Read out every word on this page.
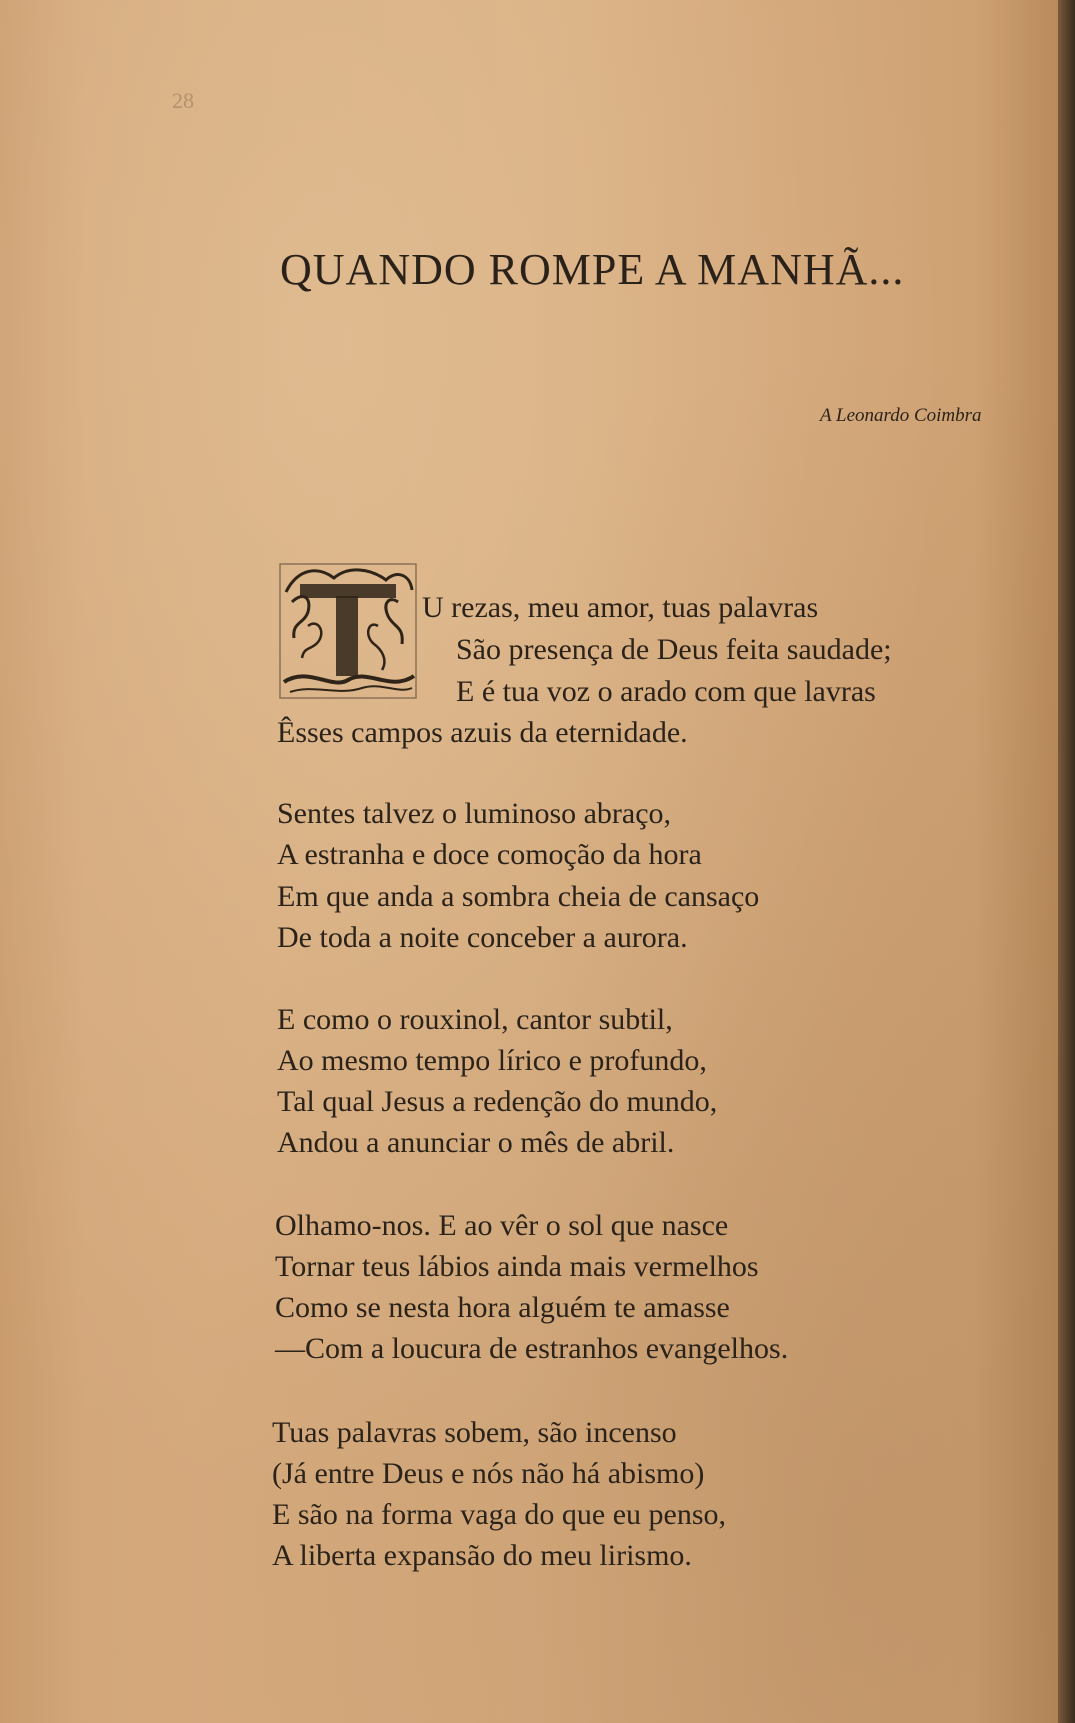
28
QUANDO ROMPE A MANHÃ...
A Leonardo Coimbra
T
U rezas, meu amor, tuas palavras
São presença de Deus feita saudade;
E é tua voz o arado com que lavras
Êsses campos azuis da eternidade.
Sentes talvez o luminoso abraço,
A estranha e doce comoção da hora
Em que anda a sombra cheia de cansaço
De toda a noite conceber a aurora.
E como o rouxinol, cantor subtil,
Ao mesmo tempo lírico e profundo,
Tal qual Jesus a redenção do mundo,
Andou a anunciar o mês de abril.
Olhamo-nos. E ao vêr o sol que nasce
Tornar teus lábios ainda mais vermelhos
Como se nesta hora alguém te amasse
—Com a loucura de estranhos evangelhos.
Tuas palavras sobem, são incenso
(Já entre Deus e nós não há abismo)
E são na forma vaga do que eu penso,
A liberta expansão do meu lirismo.
